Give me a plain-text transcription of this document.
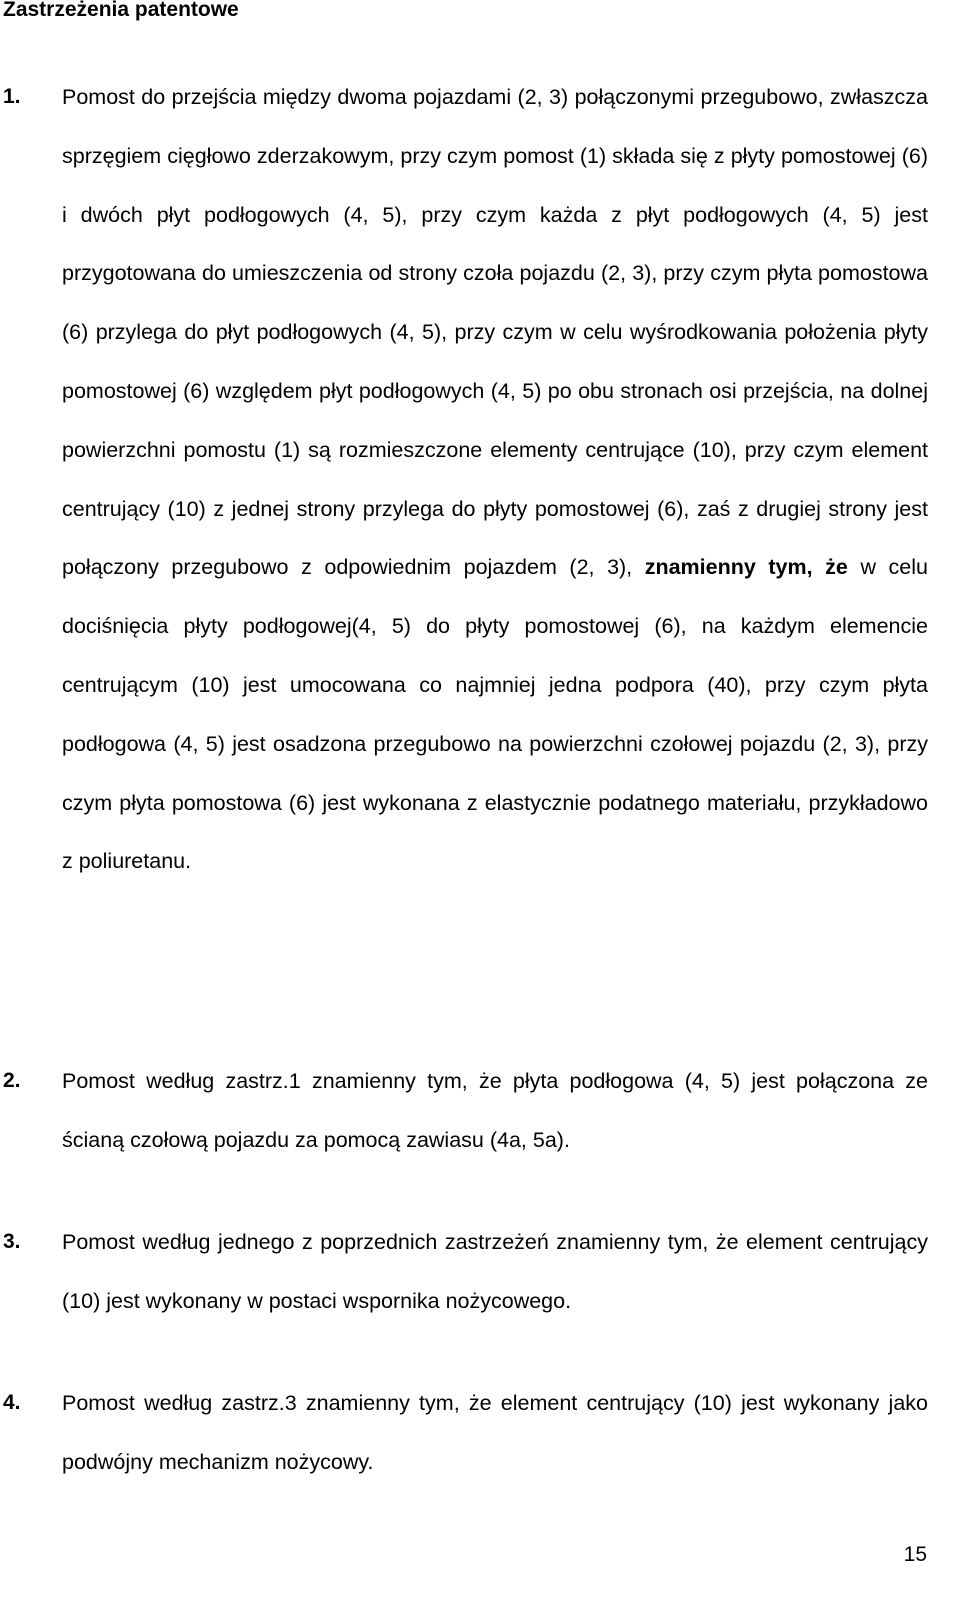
Zastrzeżenia patentowe
1. Pomost do przejścia między dwoma pojazdami (2, 3) połączonymi przegubowo, zwłaszcza sprzęgiem cięgłowo zderzakowym, przy czym pomost (1) składa się z płyty pomostowej (6) i dwóch płyt podłogowych (4, 5), przy czym każda z płyt podłogowych (4, 5) jest przygotowana do umieszczenia od strony czoła pojazdu (2, 3), przy czym płyta pomostowa (6) przylega do płyt podłogowych (4, 5), przy czym w celu wyśrodkowania położenia płyty pomostowej (6) względem płyt podłogowych (4, 5) po obu stronach osi przejścia, na dolnej powierzchni pomostu (1) są rozmieszczone elementy centrujące (10), przy czym element centrujący (10) z jednej strony przylega do płyty pomostowej (6), zaś z drugiej strony jest połączony przegubowo z odpowiednim pojazdem (2, 3), znamienny tym, że w celu dociśnięcia płyty podłogowej(4, 5) do płyty pomostowej (6), na każdym elemencie centrującym (10) jest umocowana co najmniej jedna podpora (40), przy czym płyta podłogowa (4, 5) jest osadzona przegubowo na powierzchni czołowej pojazdu (2, 3), przy czym płyta pomostowa (6) jest wykonana z elastycznie podatnego materiału, przykładowo z poliuretanu.

2. Pomost według zastrz.1 znamienny tym, że płyta podłogowa (4, 5) jest połączona ze ścianą czołową pojazdu za pomocą zawiasu (4a, 5a).

3. Pomost według jednego z poprzednich zastrzeżeń znamienny tym, że element centrujący (10) jest wykonany w postaci wspornika nożycowego.

4. Pomost według zastrz.3 znamienny tym, że element centrujący (10) jest wykonany jako podwójny mechanizm nożycowy.

15
